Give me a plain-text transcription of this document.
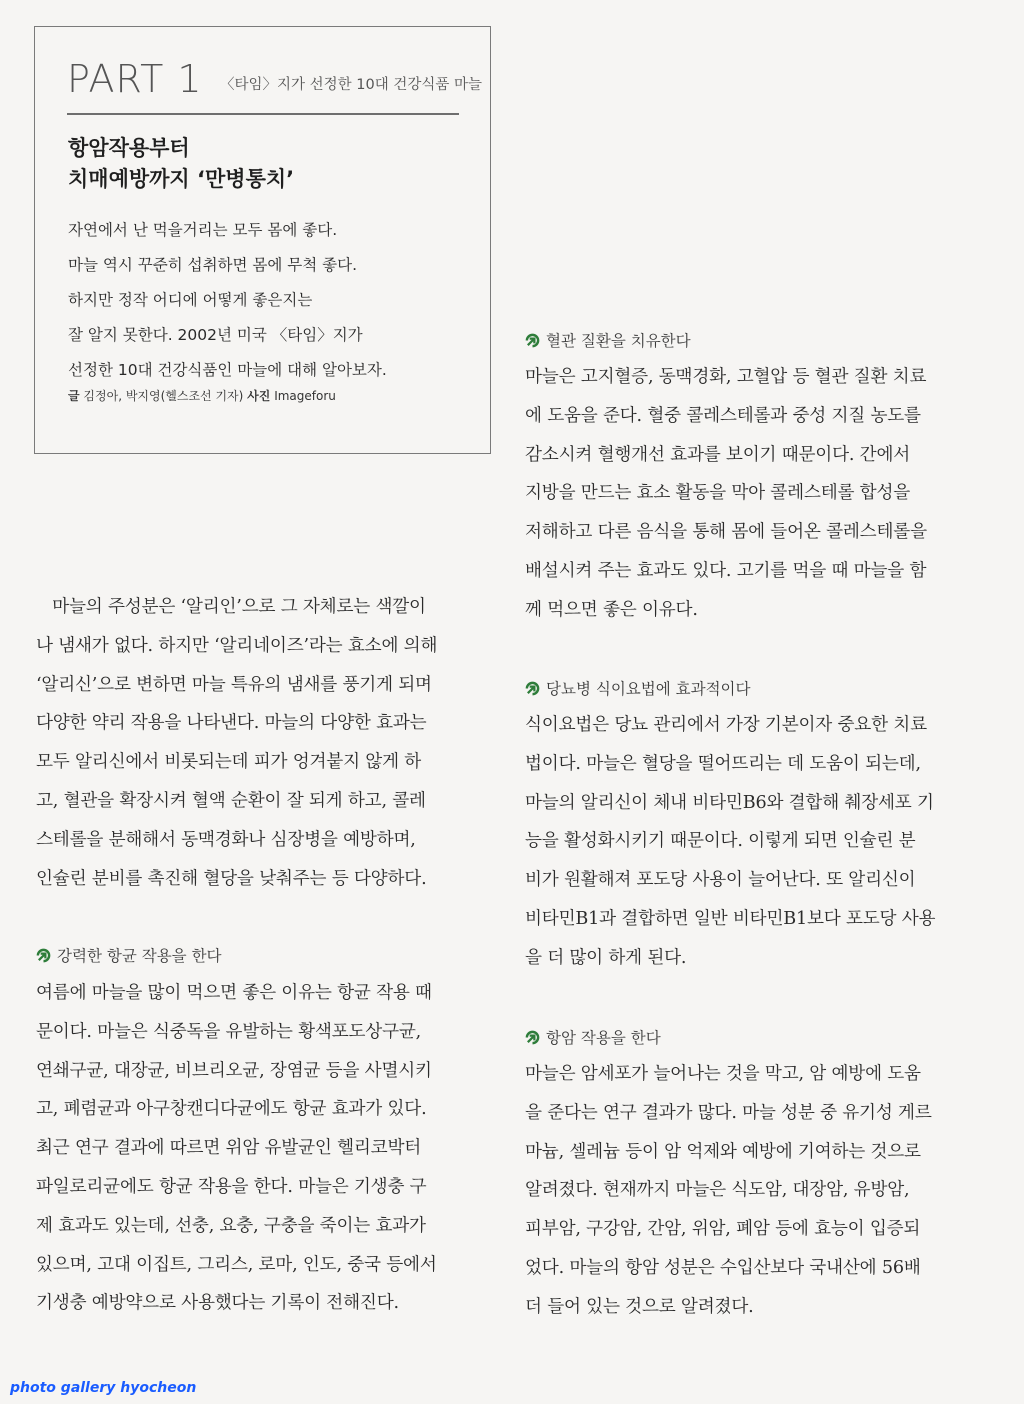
PART 1 〈타임〉지가 선정한 10대 건강식품 마늘
항암작용부터
치매예방까지 ‘만병통치’
자연에서 난 먹을거리는 모두 몸에 좋다.
마늘 역시 꾸준히 섭취하면 몸에 무척 좋다.
하지만 정작 어디에 어떻게 좋은지는
잘 알지 못한다. 2002년 미국 〈타임〉지가
선정한 10대 건강식품인 마늘에 대해 알아보자.
글 김정아, 박지영(헬스조선 기자) 사진 Imageforu
마늘의 주성분은 ‘알리인’으로 그 자체로는 색깔이
나 냄새가 없다. 하지만 ‘알리네이즈’라는 효소에 의해
‘알리신’으로 변하면 마늘 특유의 냄새를 풍기게 되며
다양한 약리 작용을 나타낸다. 마늘의 다양한 효과는
모두 알리신에서 비롯되는데 피가 엉겨붙지 않게 하
고, 혈관을 확장시켜 혈액 순환이 잘 되게 하고, 콜레
스테롤을 분해해서 동맥경화나 심장병을 예방하며,
인슐린 분비를 촉진해 혈당을 낮춰주는 등 다양하다.
강력한 항균 작용을 한다
여름에 마늘을 많이 먹으면 좋은 이유는 항균 작용 때
문이다. 마늘은 식중독을 유발하는 황색포도상구균,
연쇄구균, 대장균, 비브리오균, 장염균 등을 사멸시키
고, 폐렴균과 아구창캔디다균에도 항균 효과가 있다.
최근 연구 결과에 따르면 위암 유발균인 헬리코박터
파일로리균에도 항균 작용을 한다. 마늘은 기생충 구
제 효과도 있는데, 선충, 요충, 구충을 죽이는 효과가
있으며, 고대 이집트, 그리스, 로마, 인도, 중국 등에서
기생충 예방약으로 사용했다는 기록이 전해진다.
혈관 질환을 치유한다
마늘은 고지혈증, 동맥경화, 고혈압 등 혈관 질환 치료
에 도움을 준다. 혈중 콜레스테롤과 중성 지질 농도를
감소시켜 혈행개선 효과를 보이기 때문이다. 간에서
지방을 만드는 효소 활동을 막아 콜레스테롤 합성을
저해하고 다른 음식을 통해 몸에 들어온 콜레스테롤을
배설시켜 주는 효과도 있다. 고기를 먹을 때 마늘을 함
께 먹으면 좋은 이유다.
당뇨병 식이요법에 효과적이다
식이요법은 당뇨 관리에서 가장 기본이자 중요한 치료
법이다. 마늘은 혈당을 떨어뜨리는 데 도움이 되는데,
마늘의 알리신이 체내 비타민B6와 결합해 췌장세포 기
능을 활성화시키기 때문이다. 이렇게 되면 인슐린 분
비가 원활해져 포도당 사용이 늘어난다. 또 알리신이
비타민B1과 결합하면 일반 비타민B1보다 포도당 사용
을 더 많이 하게 된다.
항암 작용을 한다
마늘은 암세포가 늘어나는 것을 막고, 암 예방에 도움
을 준다는 연구 결과가 많다. 마늘 성분 중 유기성 게르
마늄, 셀레늄 등이 암 억제와 예방에 기여하는 것으로
알려졌다. 현재까지 마늘은 식도암, 대장암, 유방암,
피부암, 구강암, 간암, 위암, 폐암 등에 효능이 입증되
었다. 마늘의 항암 성분은 수입산보다 국내산에 56배
더 들어 있는 것으로 알려졌다.
photo gallery hyocheon
